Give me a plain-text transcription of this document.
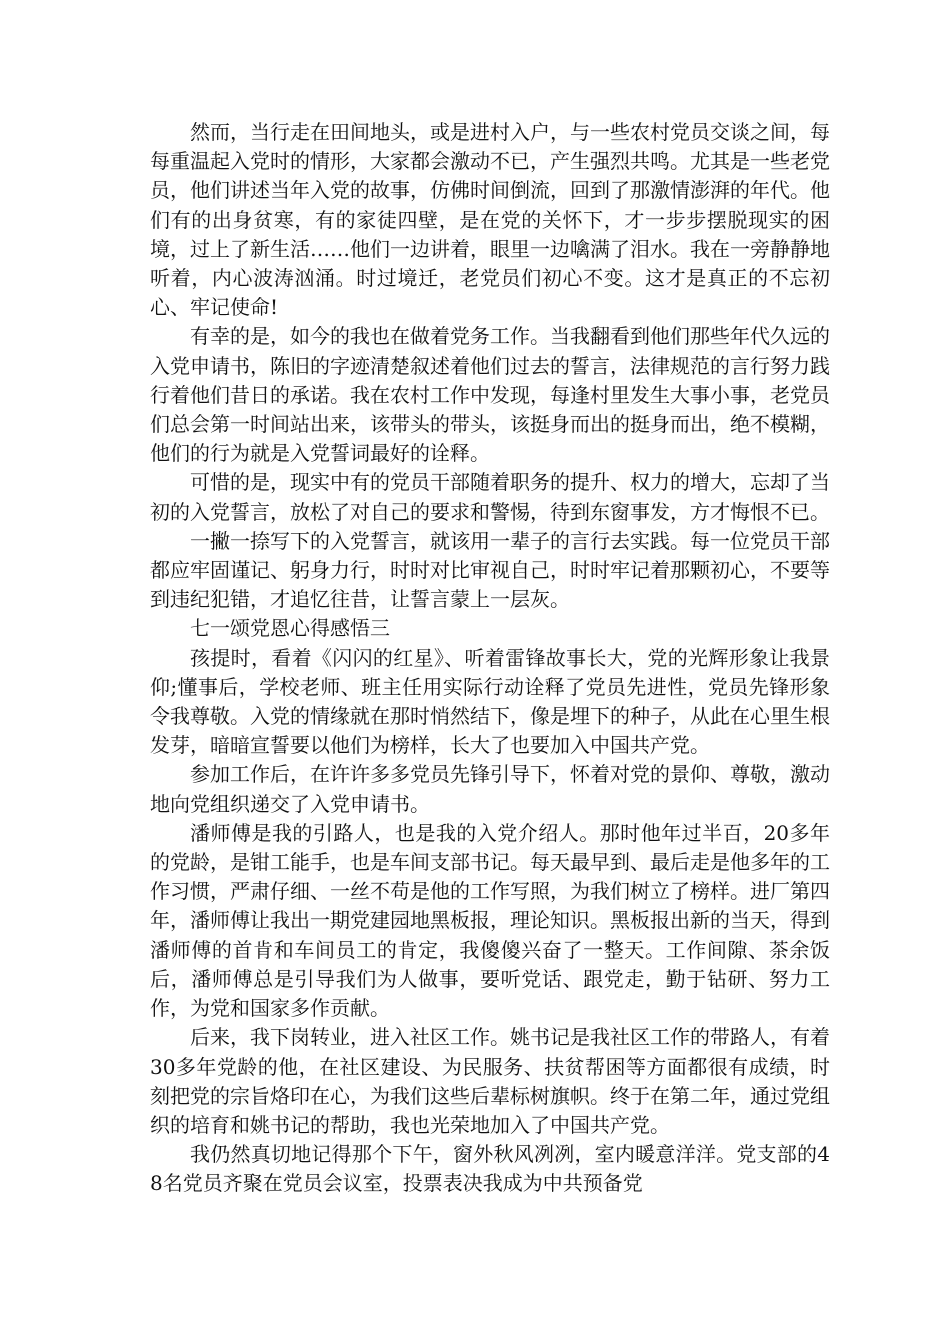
然而，当行走在田间地头，或是进村入户，与一些农村党员交谈之间，每每重温起入党时的情形，大家都会激动不已，产生强烈共鸣。尤其是一些老党员，他们讲述当年入党的故事，仿佛时间倒流，回到了那激情澎湃的年代。他们有的出身贫寒，有的家徒四壁，是在党的关怀下，才一步步摆脱现实的困境，过上了新生活……他们一边讲着，眼里一边噙满了泪水。我在一旁静静地听着，内心波涛汹涌。时过境迁，老党员们初心不变。这才是真正的不忘初心、牢记使命!

有幸的是，如今的我也在做着党务工作。当我翻看到他们那些年代久远的入党申请书，陈旧的字迹清楚叙述着他们过去的誓言，法律规范的言行努力践行着他们昔日的承诺。我在农村工作中发现，每逢村里发生大事小事，老党员们总会第一时间站出来，该带头的带头，该挺身而出的挺身而出，绝不模糊，他们的行为就是入党誓词最好的诠释。

可惜的是，现实中有的党员干部随着职务的提升、权力的增大，忘却了当初的入党誓言，放松了对自己的要求和警惕，待到东窗事发，方才悔恨不已。

一撇一捺写下的入党誓言，就该用一辈子的言行去实践。每一位党员干部都应牢固谨记、躬身力行，时时对比审视自己，时时牢记着那颗初心，不要等到违纪犯错，才追忆往昔，让誓言蒙上一层灰。

七一颂党恩心得感悟三

孩提时，看着《闪闪的红星》、听着雷锋故事长大，党的光辉形象让我景仰;懂事后，学校老师、班主任用实际行动诠释了党员先进性，党员先锋形象令我尊敬。入党的情缘就在那时悄然结下，像是埋下的种子，从此在心里生根发芽，暗暗宣誓要以他们为榜样，长大了也要加入中国共产党。

参加工作后，在许许多多党员先锋引导下，怀着对党的景仰、尊敬，激动地向党组织递交了入党申请书。

潘师傅是我的引路人，也是我的入党介绍人。那时他年过半百，20多年的党龄，是钳工能手，也是车间支部书记。每天最早到、最后走是他多年的工作习惯，严肃仔细、一丝不苟是他的工作写照，为我们树立了榜样。进厂第四年，潘师傅让我出一期党建园地黑板报，理论知识。黑板报出新的当天，得到潘师傅的首肯和车间员工的肯定，我傻傻兴奋了一整天。工作间隙、茶余饭后，潘师傅总是引导我们为人做事，要听党话、跟党走，勤于钻研、努力工作，为党和国家多作贡献。

后来，我下岗转业，进入社区工作。姚书记是我社区工作的带路人，有着30多年党龄的他，在社区建设、为民服务、扶贫帮困等方面都很有成绩，时刻把党的宗旨烙印在心，为我们这些后辈标树旗帜。终于在第二年，通过党组织的培育和姚书记的帮助，我也光荣地加入了中国共产党。

我仍然真切地记得那个下午，窗外秋风冽冽，室内暖意洋洋。党支部的48名党员齐聚在党员会议室，投票表决我成为中共预备党
